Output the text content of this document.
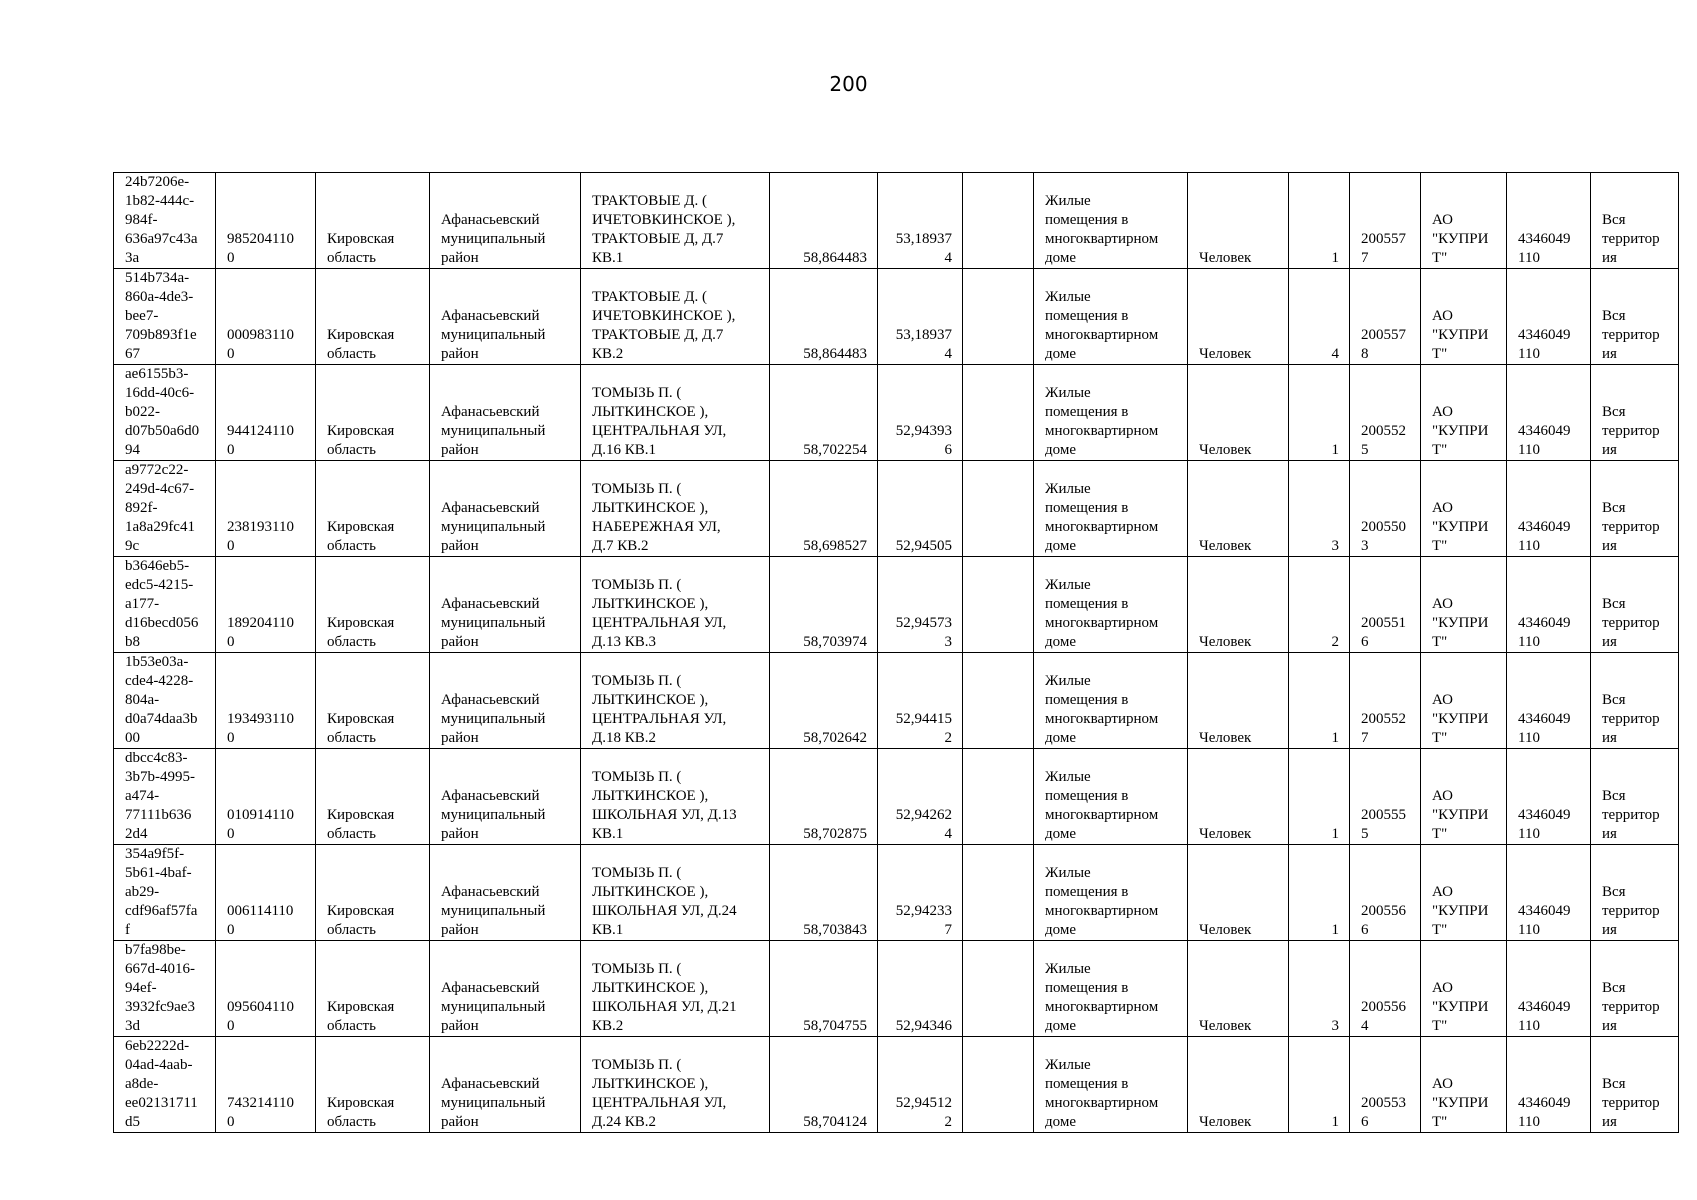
200
24b7206e-
1b82-444c-
984f-
636a97c43a
3a	985204110
0	Кировская
область	Афанасьевский
муниципальный
район	ТРАКТОВЫЕ Д. (
ИЧЕТОВКИНСКОЕ ),
ТРАКТОВЫЕ Д, Д.7
КВ.1	58,864483	53,18937
4		Жилые
помещения в
многоквартирном
доме	Человек	1	200557
7	АО
"КУПРИ
Т"	4346049
110	Вся
территор
ия
514b734a-
860a-4de3-
bee7-
709b893f1e
67	000983110
0	Кировская
область	Афанасьевский
муниципальный
район	ТРАКТОВЫЕ Д. (
ИЧЕТОВКИНСКОЕ ),
ТРАКТОВЫЕ Д, Д.7
КВ.2	58,864483	53,18937
4		Жилые
помещения в
многоквартирном
доме	Человек	4	200557
8	АО
"КУПРИ
Т"	4346049
110	Вся
территор
ия
ae6155b3-
16dd-40c6-
b022-
d07b50a6d0
94	944124110
0	Кировская
область	Афанасьевский
муниципальный
район	ТОМЫЗЬ П. (
ЛЫТКИНСКОЕ ),
ЦЕНТРАЛЬНАЯ УЛ,
Д.16 КВ.1	58,702254	52,94393
6		Жилые
помещения в
многоквартирном
доме	Человек	1	200552
5	АО
"КУПРИ
Т"	4346049
110	Вся
территор
ия
a9772c22-
249d-4c67-
892f-
1a8a29fc41
9c	238193110
0	Кировская
область	Афанасьевский
муниципальный
район	ТОМЫЗЬ П. (
ЛЫТКИНСКОЕ ),
НАБЕРЕЖНАЯ УЛ,
Д.7 КВ.2	58,698527	52,94505		Жилые
помещения в
многоквартирном
доме	Человек	3	200550
3	АО
"КУПРИ
Т"	4346049
110	Вся
территор
ия
b3646eb5-
edc5-4215-
a177-
d16becd056
b8	189204110
0	Кировская
область	Афанасьевский
муниципальный
район	ТОМЫЗЬ П. (
ЛЫТКИНСКОЕ ),
ЦЕНТРАЛЬНАЯ УЛ,
Д.13 КВ.3	58,703974	52,94573
3		Жилые
помещения в
многоквартирном
доме	Человек	2	200551
6	АО
"КУПРИ
Т"	4346049
110	Вся
территор
ия
1b53e03a-
cde4-4228-
804a-
d0a74daa3b
00	193493110
0	Кировская
область	Афанасьевский
муниципальный
район	ТОМЫЗЬ П. (
ЛЫТКИНСКОЕ ),
ЦЕНТРАЛЬНАЯ УЛ,
Д.18 КВ.2	58,702642	52,94415
2		Жилые
помещения в
многоквартирном
доме	Человек	1	200552
7	АО
"КУПРИ
Т"	4346049
110	Вся
территор
ия
dbcc4c83-
3b7b-4995-
a474-
77111b636
2d4	010914110
0	Кировская
область	Афанасьевский
муниципальный
район	ТОМЫЗЬ П. (
ЛЫТКИНСКОЕ ),
ШКОЛЬНАЯ УЛ, Д.13
КВ.1	58,702875	52,94262
4		Жилые
помещения в
многоквартирном
доме	Человек	1	200555
5	АО
"КУПРИ
Т"	4346049
110	Вся
территор
ия
354a9f5f-
5b61-4baf-
ab29-
cdf96af57fa
f	006114110
0	Кировская
область	Афанасьевский
муниципальный
район	ТОМЫЗЬ П. (
ЛЫТКИНСКОЕ ),
ШКОЛЬНАЯ УЛ, Д.24
КВ.1	58,703843	52,94233
7		Жилые
помещения в
многоквартирном
доме	Человек	1	200556
6	АО
"КУПРИ
Т"	4346049
110	Вся
территор
ия
b7fa98be-
667d-4016-
94ef-
3932fc9ae3
3d	095604110
0	Кировская
область	Афанасьевский
муниципальный
район	ТОМЫЗЬ П. (
ЛЫТКИНСКОЕ ),
ШКОЛЬНАЯ УЛ, Д.21
КВ.2	58,704755	52,94346		Жилые
помещения в
многоквартирном
доме	Человек	3	200556
4	АО
"КУПРИ
Т"	4346049
110	Вся
территор
ия
6eb2222d-
04ad-4aab-
a8de-
ee02131711
d5	743214110
0	Кировская
область	Афанасьевский
муниципальный
район	ТОМЫЗЬ П. (
ЛЫТКИНСКОЕ ),
ЦЕНТРАЛЬНАЯ УЛ,
Д.24 КВ.2	58,704124	52,94512
2		Жилые
помещения в
многоквартирном
доме	Человек	1	200553
6	АО
"КУПРИ
Т"	4346049
110	Вся
территор
ия
